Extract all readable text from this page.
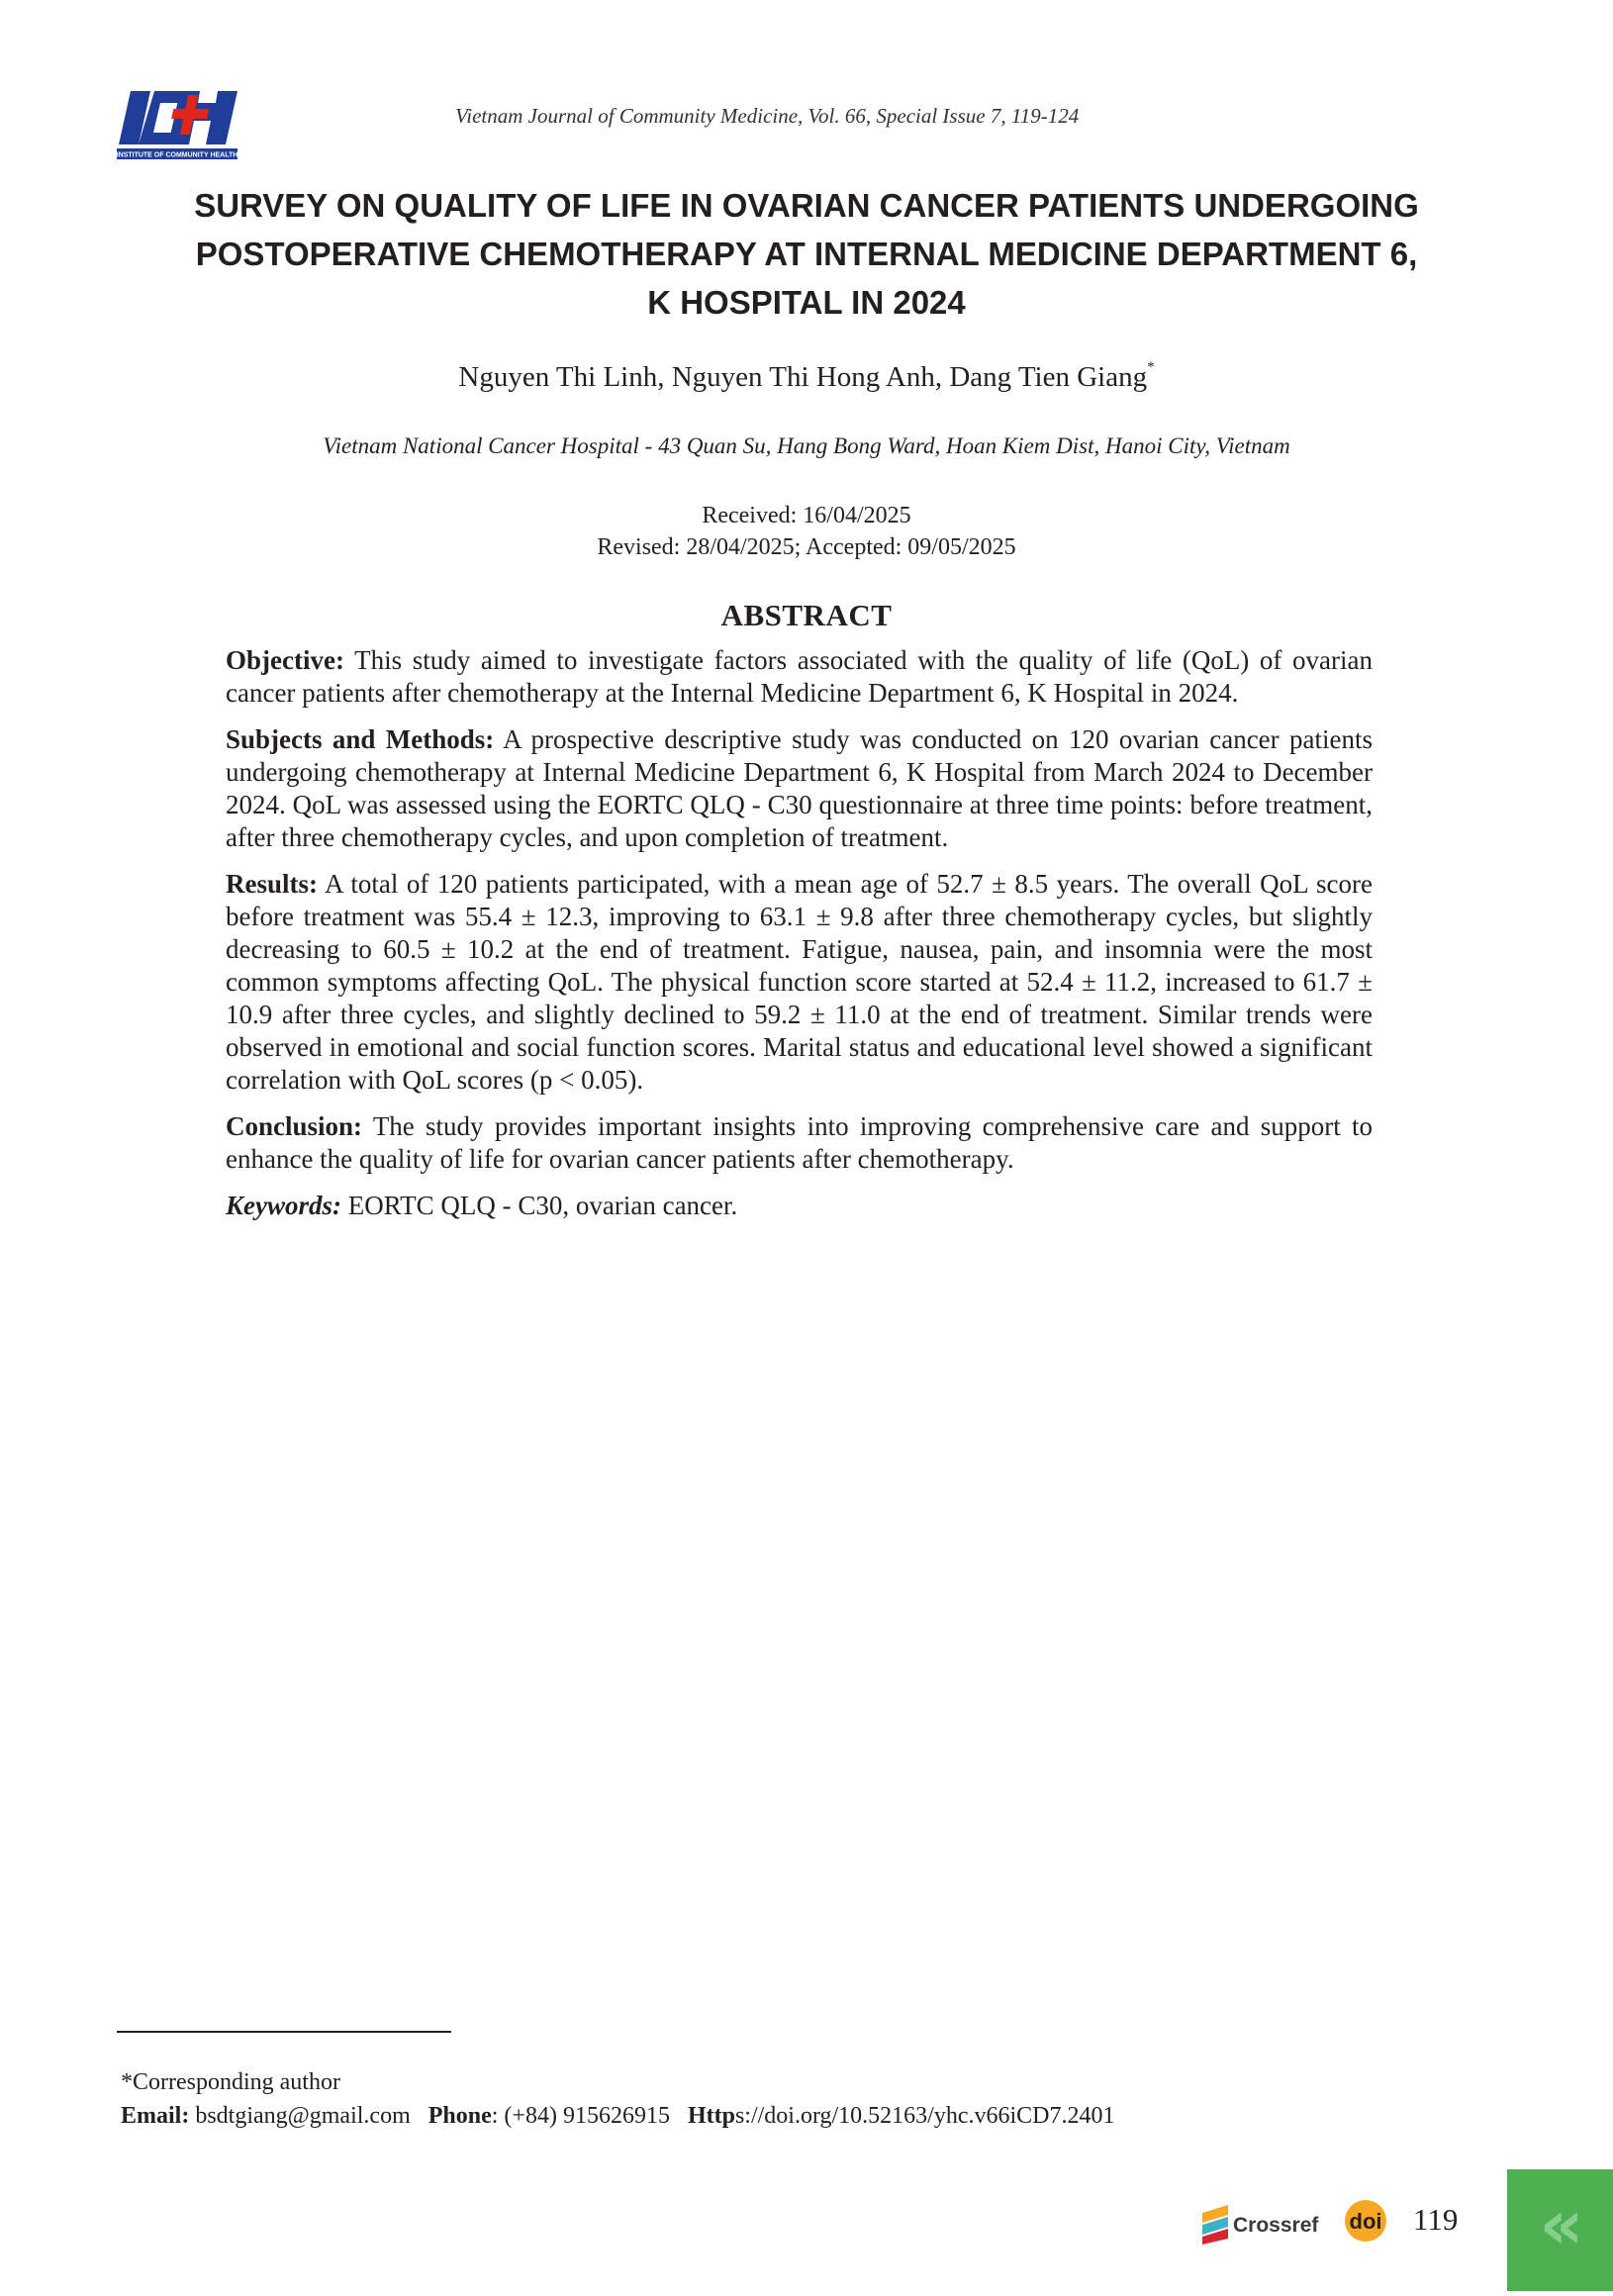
INSTITUTE OF COMMUNITY HEALTH
Vietnam Journal of Community Medicine, Vol. 66, Special Issue 7, 119-124
SURVEY ON QUALITY OF LIFE IN OVARIAN CANCER PATIENTS UNDERGOING
POSTOPERATIVE CHEMOTHERAPY AT INTERNAL MEDICINE DEPARTMENT 6,
K HOSPITAL IN 2024
Nguyen Thi Linh, Nguyen Thi Hong Anh, Dang Tien Giang*
Vietnam National Cancer Hospital - 43 Quan Su, Hang Bong Ward, Hoan Kiem Dist, Hanoi City, Vietnam
Received: 16/04/2025
Revised: 28/04/2025; Accepted: 09/05/2025
ABSTRACT

Objective: This study aimed to investigate factors associated with the quality of life (QoL) of ovarian cancer patients after chemotherapy at the Internal Medicine Department 6, K Hospital in 2024.

Subjects and Methods: A prospective descriptive study was conducted on 120 ovarian cancer patients undergoing chemotherapy at Internal Medicine Department 6, K Hospital from March 2024 to December 2024. QoL was assessed using the EORTC QLQ - C30 questionnaire at three time points: before treatment, after three chemotherapy cycles, and upon completion of treatment.

Results: A total of 120 patients participated, with a mean age of 52.7 ± 8.5 years. The overall QoL score before treatment was 55.4 ± 12.3, improving to 63.1 ± 9.8 after three chemotherapy cycles, but slightly decreasing to 60.5 ± 10.2 at the end of treatment. Fatigue, nausea, pain, and insomnia were the most common symptoms affecting QoL. The physical function score started at 52.4 ± 11.2, increased to 61.7 ± 10.9 after three cycles, and slightly declined to 59.2 ± 11.0 at the end of treatment. Similar trends were observed in emotional and social function scores. Marital status and educational level showed a significant correlation with QoL scores (p < 0.05).

Conclusion: The study provides important insights into improving comprehensive care and support to enhance the quality of life for ovarian cancer patients after chemotherapy.

Keywords: EORTC QLQ - C30, ovarian cancer.

*Corresponding author
Email: bsdtgiang@gmail.com Phone: (+84) 915626915 Https://doi.org/10.52163/yhc.v66iCD7.2401
Crossref doi 119 «
